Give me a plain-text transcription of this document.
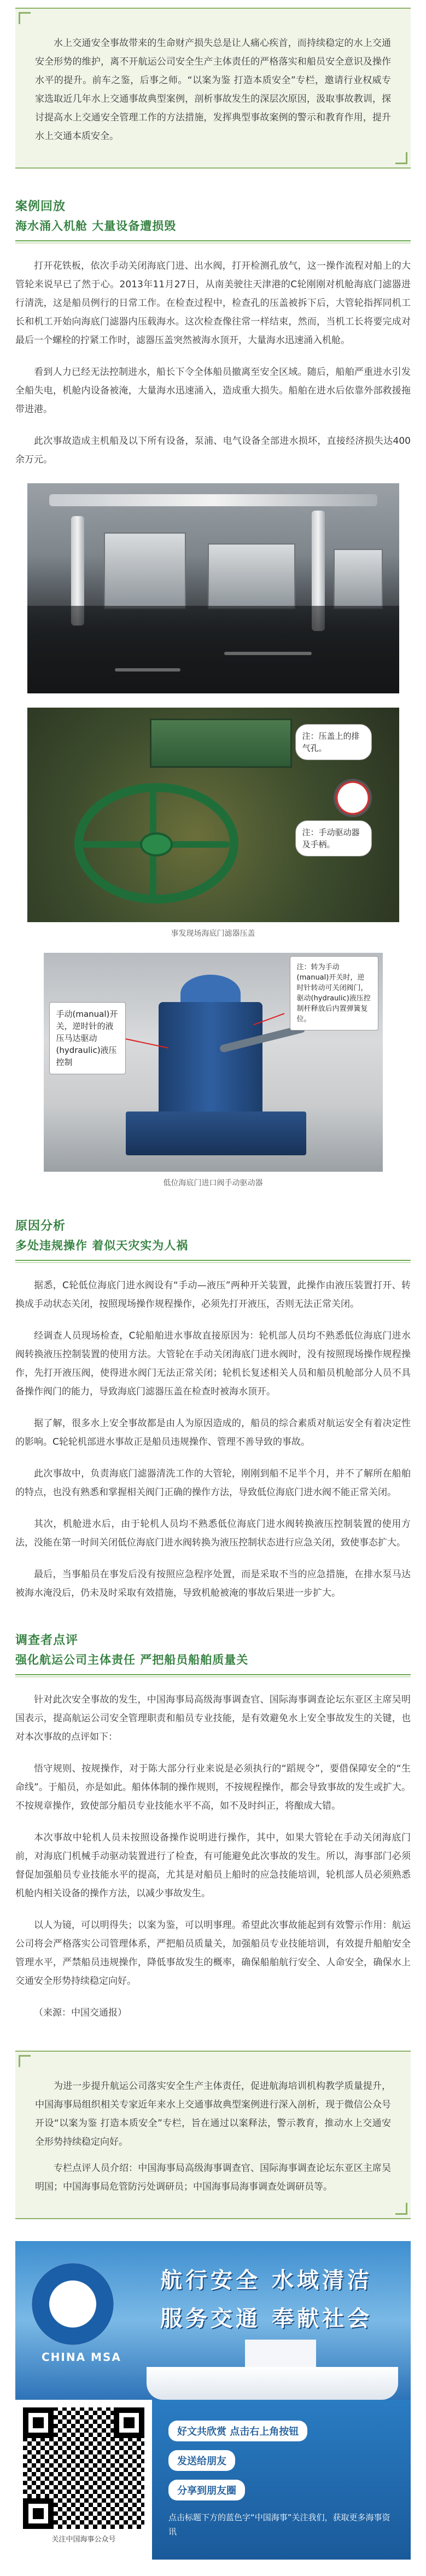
水上交通安全事故带来的生命财产损失总是让人痛心疾首，而持续稳定的水上交通安全形势的维护，离不开航运公司安全生产主体责任的严格落实和船员安全意识及操作水平的提升。前车之鉴，后事之师。“以案为鉴 打造本质安全”专栏，邀请行业权威专家选取近几年水上交通事故典型案例，剖析事故发生的深层次原因，汲取事故教训，探讨提高水上交通安全管理工作的方法措施，发挥典型事故案例的警示和教育作用，提升水上交通本质安全。

案例回放
海水涌入机舱 大量设备遭损毁

打开花铁板，依次手动关闭海底门进、出水阀，打开检测孔放气，这一操作流程对船上的大管轮来说早已了然于心。2013年11月27日，从南美驶往天津港的C轮刚刚对机舱海底门滤器进行清洗，这是船员例行的日常工作。在检查过程中，检查孔的压盖被拆下后，大管轮指挥同机工长和机工开始向海底门滤器内压载海水。这次检查像往常一样结束，然而，当机工长将要完成对最后一个螺栓的拧紧工作时，滤器压盖突然被海水顶开，大量海水迅速涌入机舱。

看到人力已经无法控制进水，船长下令全体船员撤离至安全区域。随后，船舶严重进水引发全船失电，机舱内设备被淹，大量海水迅速涌入，造成重大损失。船舶在进水后依靠外部救援拖带进港。

此次事故造成主机船及以下所有设备，泵浦、电气设备全部进水损坏，直接经济损失达400余万元。

注：压盖上的排气孔。
注：手动驱动器及手柄。
事发现场海底门滤器压盖
手动(manual)开关，逆时针的液压马达驱动(hydraulic)液压控制
注：转为手动(manual)开关时，逆时针转动可关闭阀门，驱动(hydraulic)液压控制杆释放后内置弹簧复位。
低位海底门进口阀手动驱动器
原因分析
多处违规操作 着似天灾实为人祸

据悉，C轮低位海底门进水阀设有“手动—液压”两种开关装置，此操作由液压装置打开、转换成手动状态关闭，按照现场操作规程操作，必须先打开液压，否则无法正常关闭。

经调查人员现场检查，C轮船舶进水事故直接原因为：轮机部人员均不熟悉低位海底门进水阀转换液压控制装置的使用方法。大管轮在手动关闭海底门进水阀时，没有按照现场操作规程操作，先打开液压阀，使得进水阀门无法正常关闭；轮机长复述相关人员和船员机舱部分人员不具备操作阀门的能力，导致海底门滤器压盖在检查时被海水顶开。

据了解，很多水上安全事故都是由人为原因造成的，船员的综合素质对航运安全有着决定性的影响。C轮轮机部进水事故正是船员违规操作、管理不善导致的事故。

此次事故中，负责海底门滤器清洗工作的大管轮，刚刚到船不足半个月，并不了解所在船舶的特点，也没有熟悉和掌握相关阀门正确的操作方法，导致低位海底门进水阀不能正常关闭。

其次，机舱进水后，由于轮机人员均不熟悉低位海底门进水阀转换液压控制装置的使用方法，没能在第一时间关闭低位海底门进水阀转换为液压控制状态进行应急关闭，致使事态扩大。

最后，当事船员在事发后没有按照应急程序处置，而是采取不当的应急措施，在排水泵马达被海水淹没后，仍未及时采取有效措施，导致机舱被淹的事故后果进一步扩大。

调查者点评
强化航运公司主体责任 严把船员船舶质量关

针对此次安全事故的发生，中国海事局高级海事调查官、国际海事调查论坛东亚区主席吴明国表示，提高航运公司安全管理职责和船员专业技能，是有效避免水上安全事故发生的关键，也对本次事故的点评如下：

悟守规则、按规操作，对于陈大部分行业来说是必须执行的“蹈规令”，要借保障安全的“生命线”。于船员，亦是如此。船体体制的操作规则，不按规程操作，都会导致事故的发生或扩大。不按规章操作，致使部分船员专业技能水平不高，如不及时纠正，将酿成大错。

本次事故中轮机人员未按照设备操作说明进行操作，其中，如果大管轮在手动关闭海底门前，对海底门机械手动驱动装置进行了检查，有可能避免此次事故的发生。所以，海事部门必须督促加强船员专业技能水平的提高，尤其是对船员上船时的应急技能培训，轮机部人员必须熟悉机舱内相关设备的操作方法，以减少事故发生。

以人为镜，可以明得失；以案为鉴，可以明事理。希望此次事故能起到有效警示作用：航运公司将会严格落实公司管理体系，严把船员质量关，加强船员专业技能培训，有效提升船舶安全管理水平，严禁船员违规操作，降低事故发生的概率，确保船舶航行安全、人命安全，确保水上交通安全形势持续稳定向好。

（来源：中国交通报）

为进一步提升航运公司落实安全生产主体责任，促进航海培训机构教学质量提升，中国海事局组织相关专家近年来水上交通事故典型案例进行深入剖析，现于微信公众号开设“以案为鉴 打造本质安全”专栏，旨在通过以案释法，警示教育，推动水上交通安全形势持续稳定向好。

专栏点评人员介绍：中国海事局高级海事调查官、国际海事调查论坛东亚区主席吴明国；中国海事局危管防污处调研员；中国海事局海事调查处调研员等。

CHINA MSA
航行安全 水域清洁
服务交通 奉献社会
关注中国海事公众号
好文共欣赏 点击右上角按钮
发送给朋友
分享到朋友圈
点击标题下方的蓝色字“中国海事”关注我们，获取更多海事资讯
